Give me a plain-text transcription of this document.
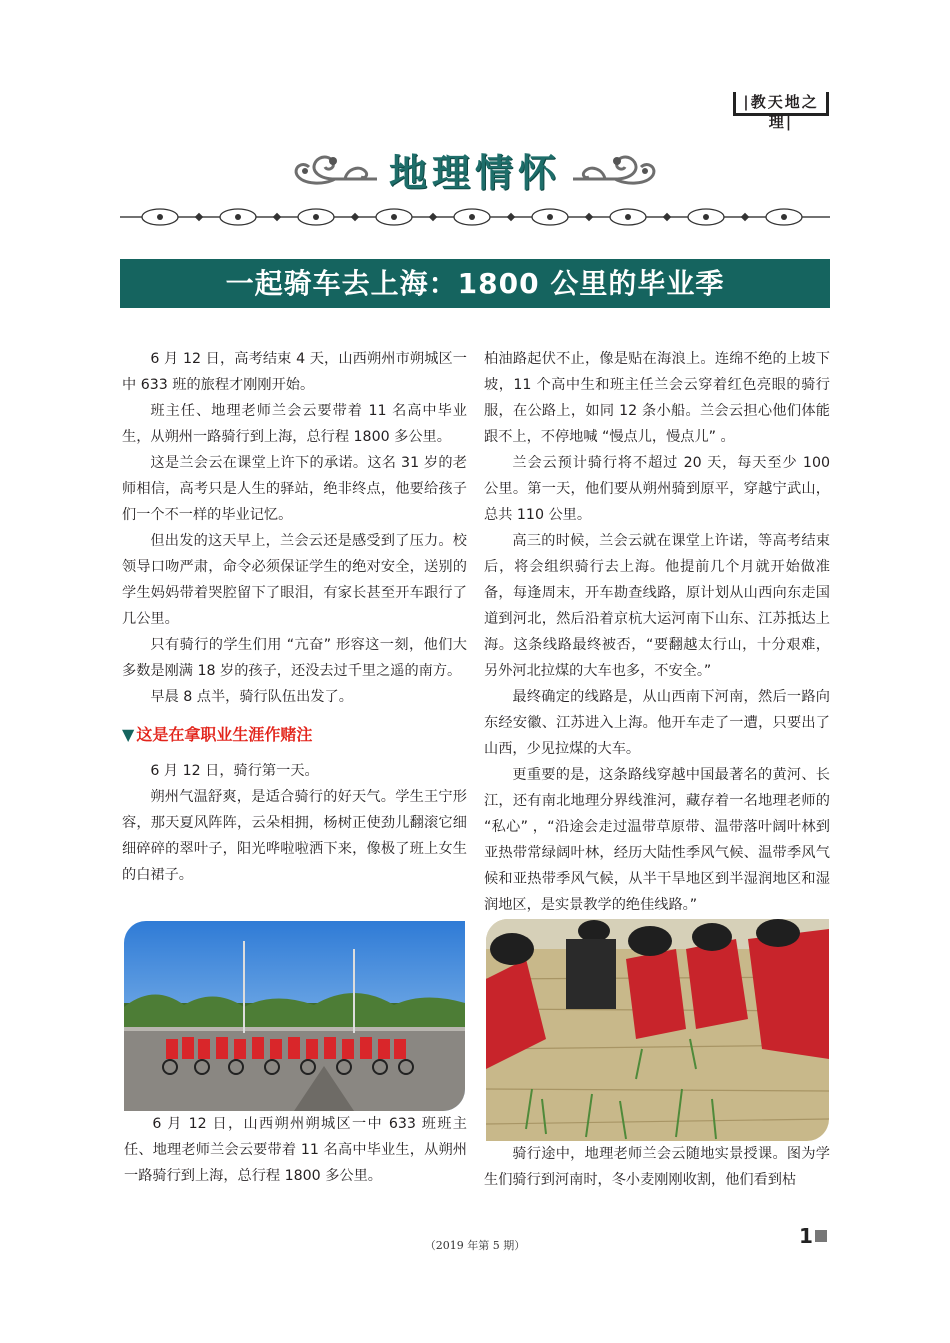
|教天地之理|
地理情怀
一起骑车去上海：1800 公里的毕业季

6 月 12 日，高考结束 4 天，山西朔州市朔城区一中 633 班的旅程才刚刚开始。

班主任、地理老师兰会云要带着 11 名高中毕业生，从朔州一路骑行到上海，总行程 1800 多公里。

这是兰会云在课堂上许下的承诺。这名 31 岁的老师相信，高考只是人生的驿站，绝非终点，他要给孩子们一个不一样的毕业记忆。

但出发的这天早上，兰会云还是感受到了压力。校领导口吻严肃，命令必须保证学生的绝对安全，送别的学生妈妈带着哭腔留下了眼泪，有家长甚至开车跟行了几公里。

只有骑行的学生们用 “亢奋” 形容这一刻，他们大多数是刚满 18 岁的孩子，还没去过千里之遥的南方。

早晨 8 点半，骑行队伍出发了。

▼ 这是在拿职业生涯作赌注

6 月 12 日，骑行第一天。

朔州气温舒爽，是适合骑行的好天气。学生王宁形容，那天夏风阵阵，云朵相拥，杨树正使劲儿翻滚它细细碎碎的翠叶子，阳光哗啦啦洒下来，像极了班上女生的白裙子。

柏油路起伏不止，像是贴在海浪上。连绵不绝的上坡下坡，11 个高中生和班主任兰会云穿着红色亮眼的骑行服，在公路上，如同 12 条小船。兰会云担心他们体能跟不上，不停地喊 “慢点儿，慢点儿” 。

兰会云预计骑行将不超过 20 天，每天至少 100 公里。第一天，他们要从朔州骑到原平，穿越宁武山，总共 110 公里。

高三的时候，兰会云就在课堂上许诺，等高考结束后，将会组织骑行去上海。他提前几个月就开始做准备，每逢周末，开车勘查线路，原计划从山西向东走国道到河北，然后沿着京杭大运河南下山东、江苏抵达上海。这条线路最终被否，“要翻越太行山，十分艰难，另外河北拉煤的大车也多，不安全。”

最终确定的线路是，从山西南下河南，然后一路向东经安徽、江苏进入上海。他开车走了一遭，只要出了山西，少见拉煤的大车。

更重要的是，这条路线穿越中国最著名的黄河、长江，还有南北地理分界线淮河，藏存着一名地理老师的 “私心” ，“沿途会走过温带草原带、温带落叶阔叶林到亚热带常绿阔叶林，经历大陆性季风气候、温带季风气候和亚热带季风气候，从半干旱地区到半湿润地区和湿润地区，是实景教学的绝佳线路。”

6 月 12 日，山西朔州朔城区一中 633 班班主任、地理老师兰会云要带着 11 名高中毕业生，从朔州一路骑行到上海，总行程 1800 多公里。
骑行途中，地理老师兰会云随地实景授课。图为学生们骑行到河南时，冬小麦刚刚收割，他们看到枯
（2019 年第 5 期）	1
